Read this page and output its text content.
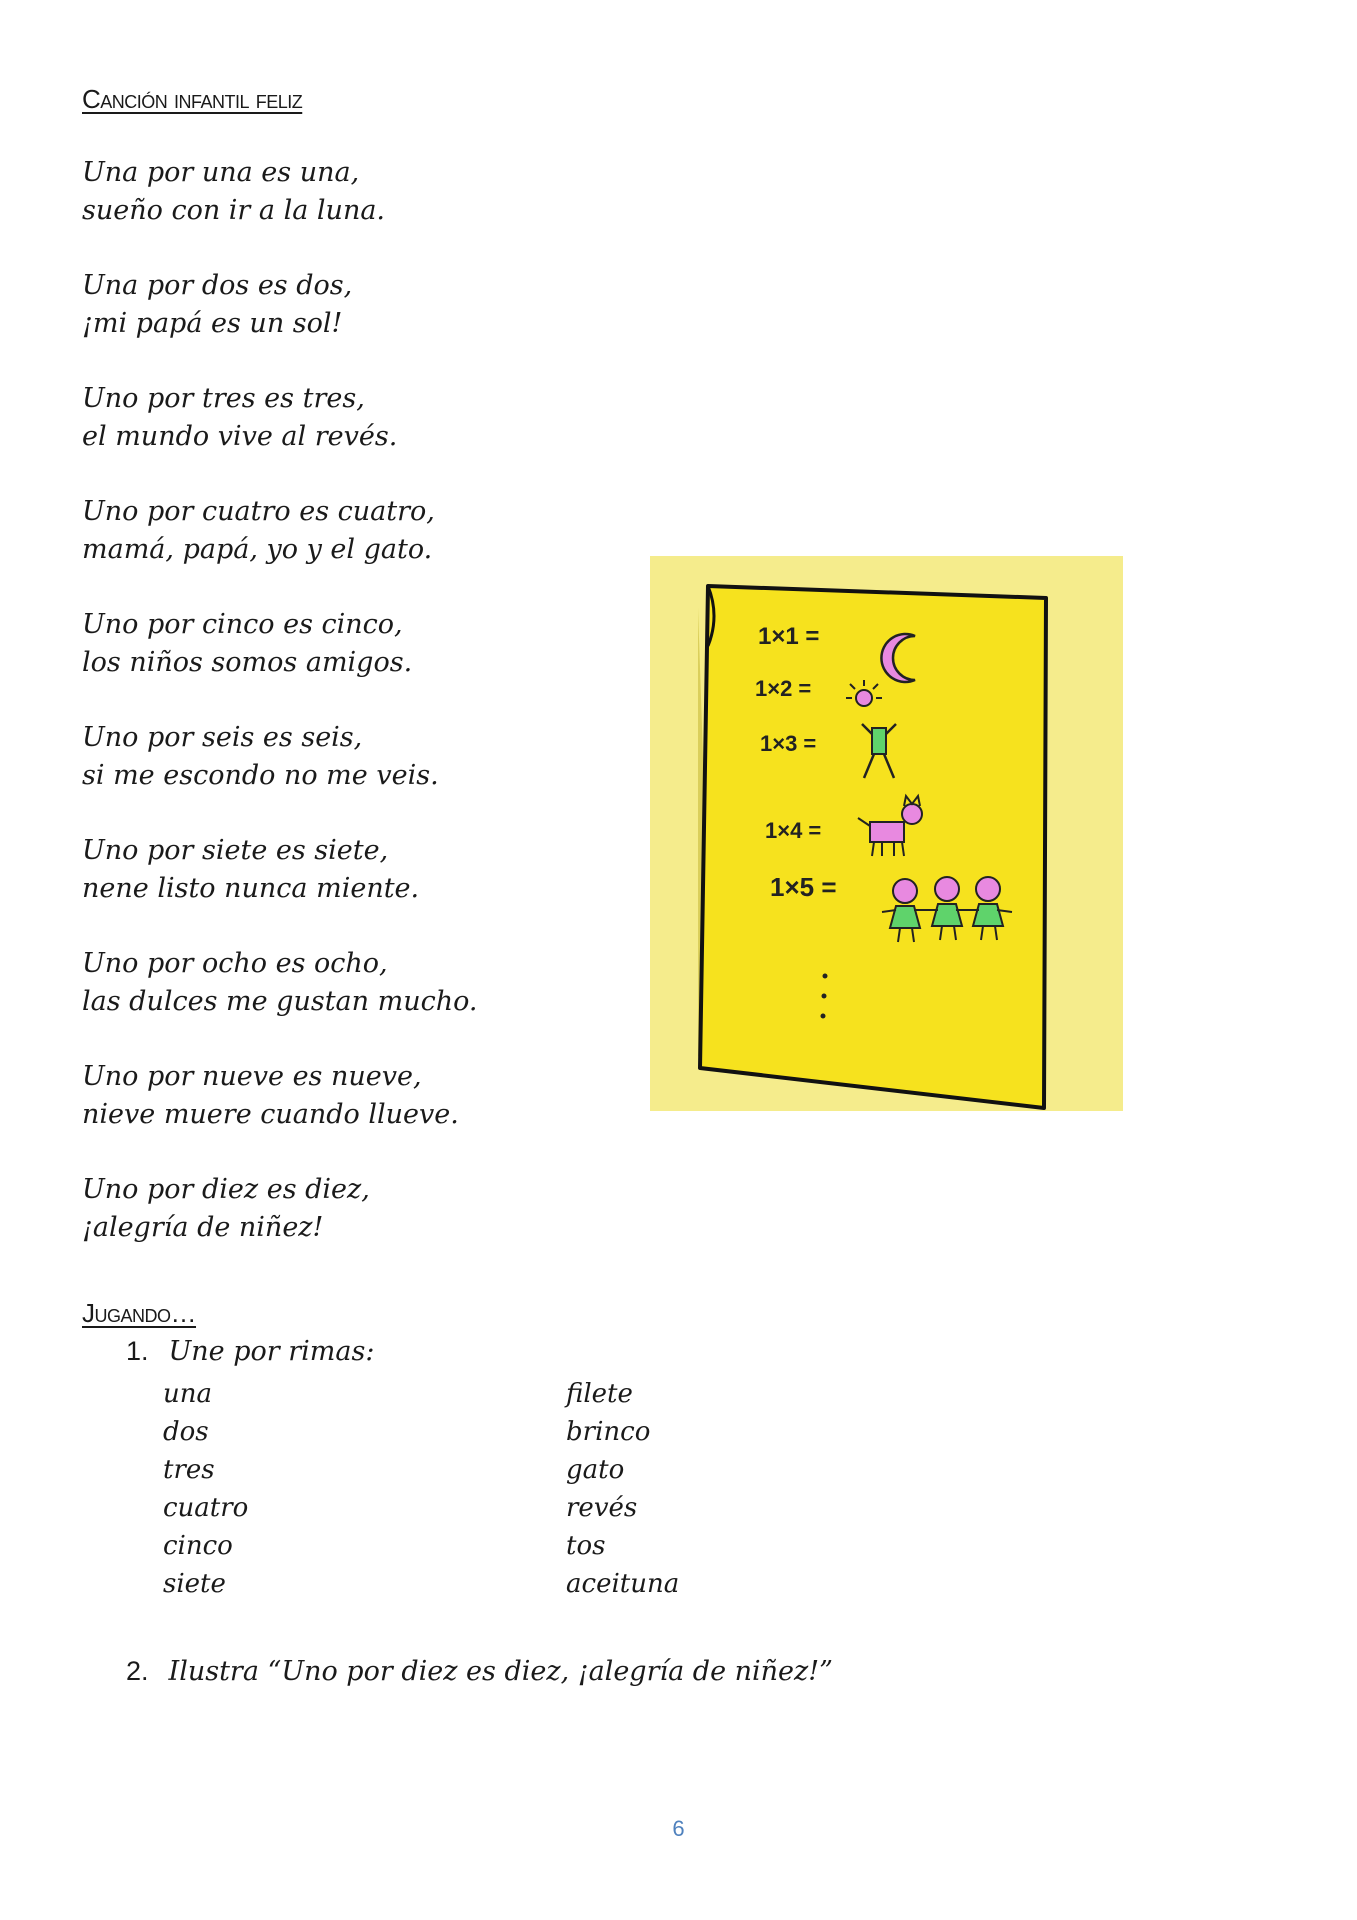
Canción infantil feliz
Una por una es una,
sueño con ir a la luna.
Una por dos es dos,
¡mi papá es un sol!
Uno por tres es tres,
el mundo vive al revés.
Uno por cuatro es cuatro,
mamá, papá, yo y el gato.
Uno por cinco es cinco,
los niños somos amigos.
Uno por seis es seis,
si me escondo no me veis.
Uno por siete es siete,
nene listo nunca miente.
Uno por ocho es ocho,
las dulces me gustan mucho.
Uno por nueve es nueve,
nieve muere cuando llueve.
Uno por diez es diez,
¡alegría de niñez!
1×1 =
1×2 =
1×3 =
1×4 =
1×5 =
Jugando…
1. Une por rimas:
una
dos
tres
cuatro
cinco
siete
filete
brinco
gato
revés
tos
aceituna
2. Ilustra “Uno por diez es diez, ¡alegría de niñez!”
6
